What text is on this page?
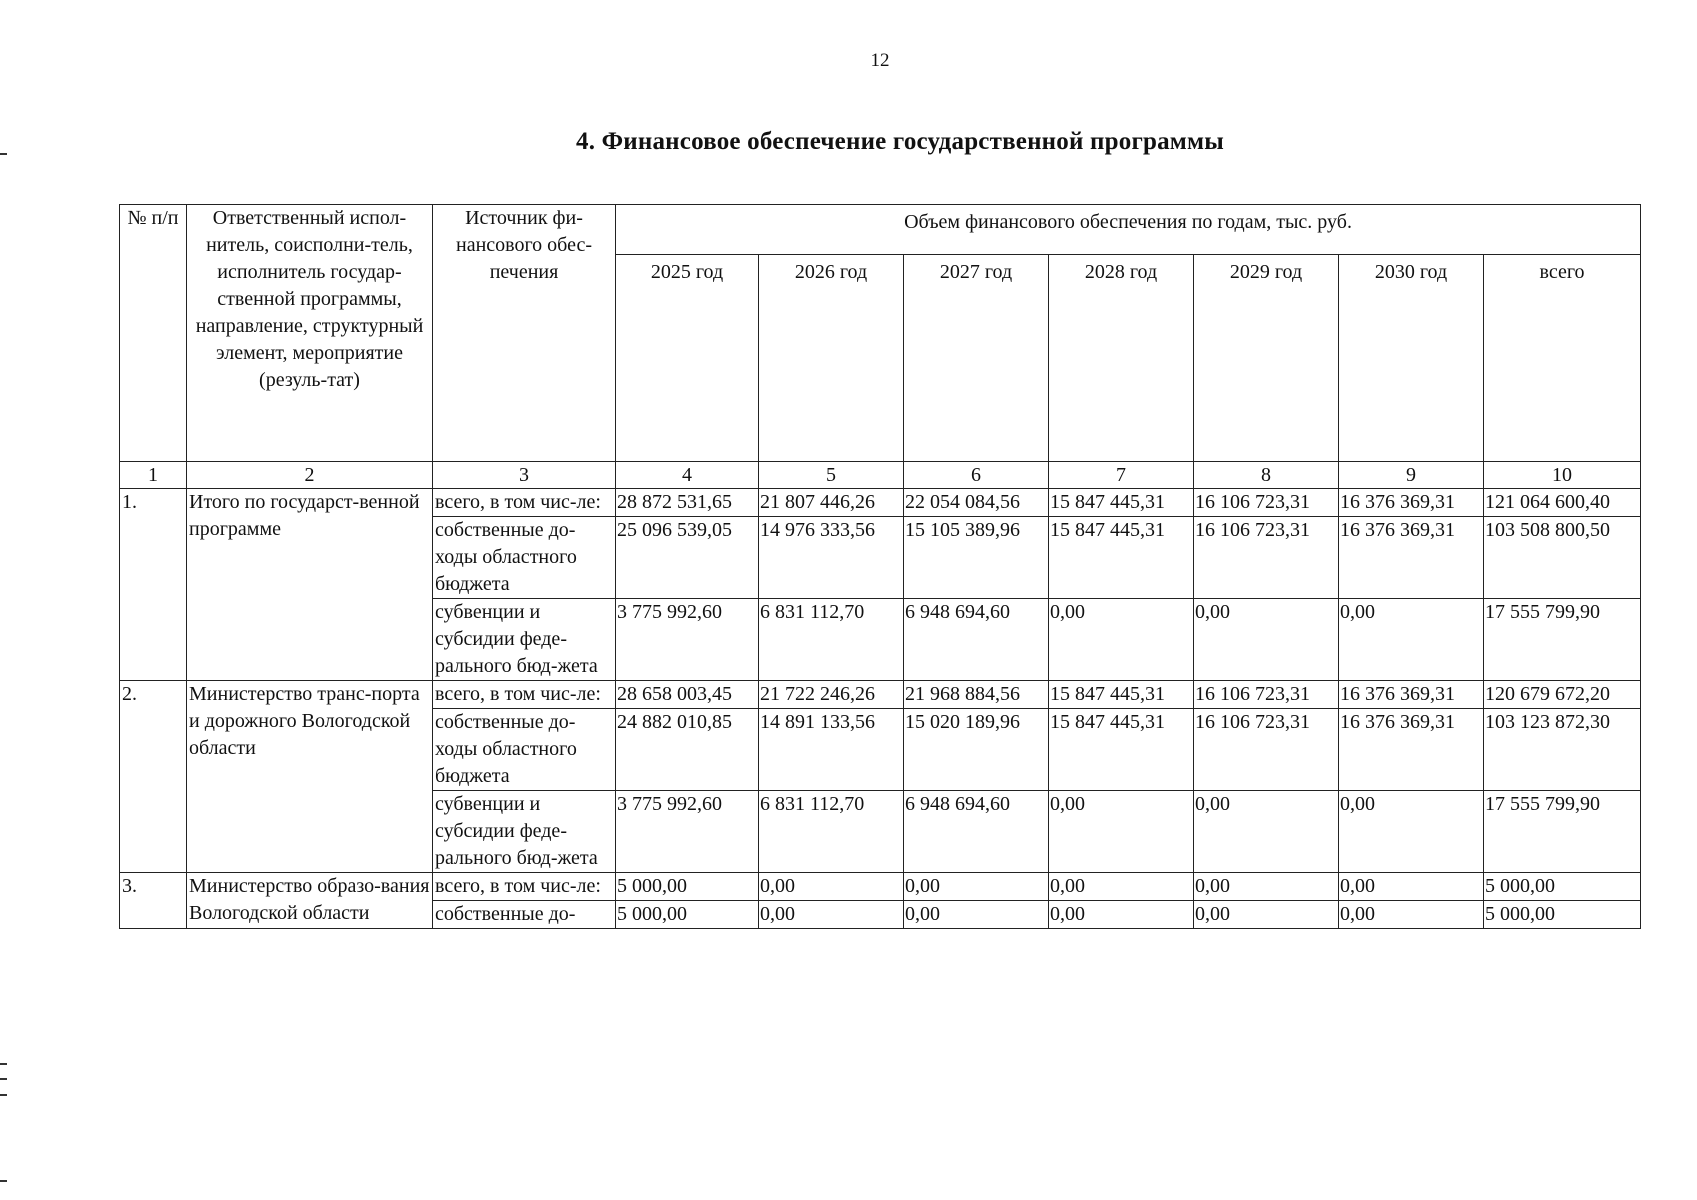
12
4. Финансовое обеспечение государственной программы
№ п/п	Ответственный испол-нитель, соисполни-тель, исполнитель государ-ственной программы, направление, структурный элемент, мероприятие (резуль-тат)	Источник фи-нансового обес-печения	Объем финансового обеспечения по годам, тыс. руб.						
			2025 год	2026 год	2027 год	2028 год	2029 год	2030 год	всего
1	2	3	4	5	6	7	8	9	10
1.	Итого по государст-венной программе	всего, в том чис-ле:	28 872 531,65	21 807 446,26	22 054 084,56	15 847 445,31	16 106 723,31	16 376 369,31	121 064 600,40
		собственные до-ходы областного бюджета	25 096 539,05	14 976 333,56	15 105 389,96	15 847 445,31	16 106 723,31	16 376 369,31	103 508 800,50
		субвенции и субсидии феде-рального бюд-жета	3 775 992,60	6 831 112,70	6 948 694,60	0,00	0,00	0,00	17 555 799,90
2.	Министерство транс-порта и дорожного Вологодской области	всего, в том чис-ле:	28 658 003,45	21 722 246,26	21 968 884,56	15 847 445,31	16 106 723,31	16 376 369,31	120 679 672,20
		собственные до-ходы областного бюджета	24 882 010,85	14 891 133,56	15 020 189,96	15 847 445,31	16 106 723,31	16 376 369,31	103 123 872,30
		субвенции и субсидии феде-рального бюд-жета	3 775 992,60	6 831 112,70	6 948 694,60	0,00	0,00	0,00	17 555 799,90
3.	Министерство образо-вания Вологодской области	всего, в том чис-ле:	5 000,00	0,00	0,00	0,00	0,00	0,00	5 000,00
		собственные до-	5 000,00	0,00	0,00	0,00	0,00	0,00	5 000,00
